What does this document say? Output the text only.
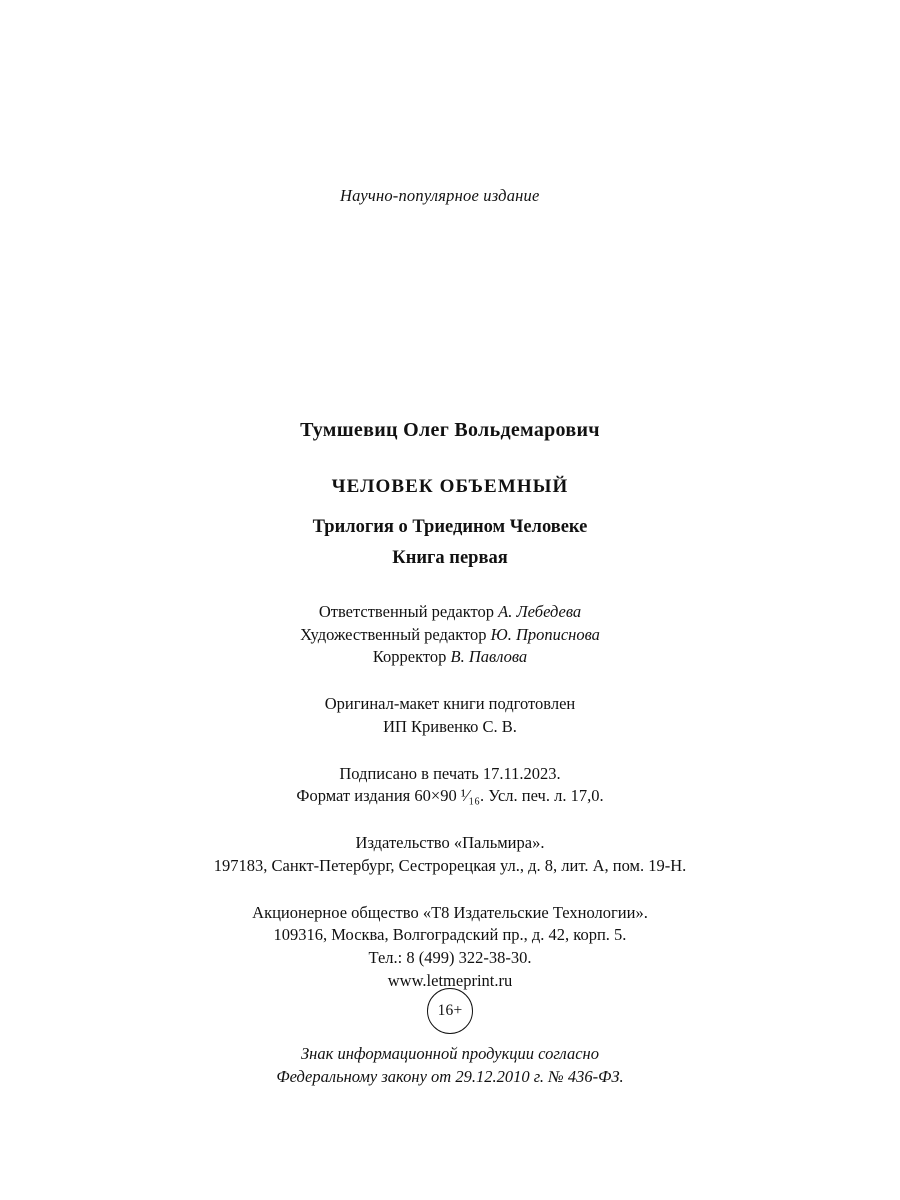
Научно-популярное издание
Тумшевиц Олег Вольдемарович
ЧЕЛОВЕК ОБЪЕМНЫЙ
Трилогия о Триедином Человеке
Книга первая
Ответственный редактор А. Лебедева
Художественный редактор Ю. Прописнова
Корректор В. Павлова
Оригинал-макет книги подготовлен
ИП Кривенко С. В.
Подписано в печать 17.11.2023.
Формат издания 60×90 ¹⁄₁₆. Усл. печ. л. 17,0.
Издательство «Пальмира».
197183, Санкт-Петербург, Сестрорецкая ул., д. 8, лит. А, пом. 19-Н.
Акционерное общество «Т8 Издательские Технологии».
109316, Москва, Волгоградский пр., д. 42, корп. 5.
Тел.: 8 (499) 322-38-30.
www.letmeprint.ru
16+
Знак информационной продукции согласно
Федеральному закону от 29.12.2010 г. № 436-ФЗ.
